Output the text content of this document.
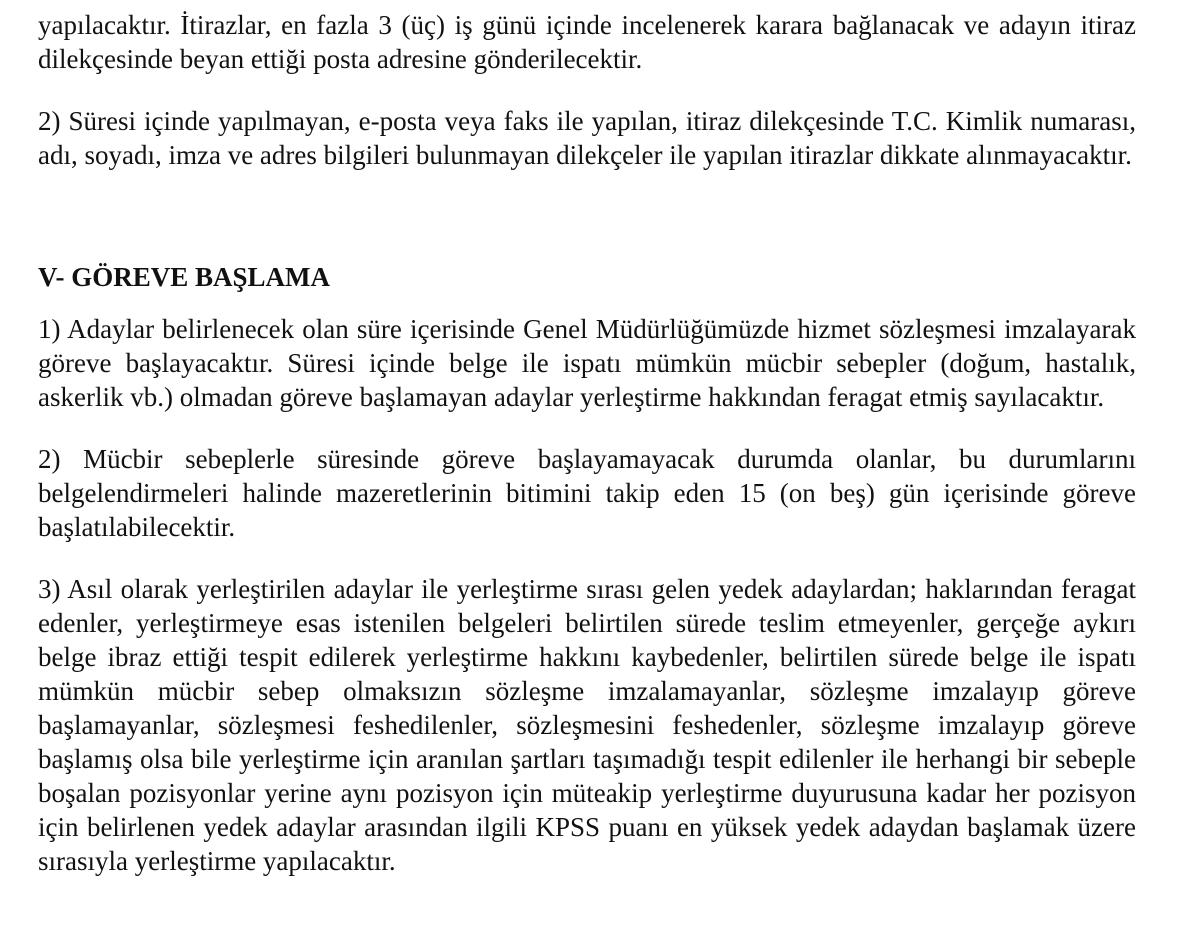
yapılacaktır. İtirazlar, en fazla 3 (üç) iş günü içinde incelenerek karara bağlanacak ve adayın itiraz dilekçesinde beyan ettiği posta adresine gönderilecektir.

2) Süresi içinde yapılmayan, e-posta veya faks ile yapılan, itiraz dilekçesinde T.C. Kimlik numarası, adı, soyadı, imza ve adres bilgileri bulunmayan dilekçeler ile yapılan itirazlar dikkate alınmayacaktır.

V- GÖREVE BAŞLAMA

1) Adaylar belirlenecek olan süre içerisinde Genel Müdürlüğümüzde hizmet sözleşmesi imzalayarak göreve başlayacaktır. Süresi içinde belge ile ispatı mümkün mücbir sebepler (doğum, hastalık, askerlik vb.) olmadan göreve başlamayan adaylar yerleştirme hakkından feragat etmiş sayılacaktır.

2) Mücbir sebeplerle süresinde göreve başlayamayacak durumda olanlar, bu durumlarını belgelendirmeleri halinde mazeretlerinin bitimini takip eden 15 (on beş) gün içerisinde göreve başlatılabilecektir.

3) Asıl olarak yerleştirilen adaylar ile yerleştirme sırası gelen yedek adaylardan; haklarından feragat edenler, yerleştirmeye esas istenilen belgeleri belirtilen sürede teslim etmeyenler, gerçeğe aykırı belge ibraz ettiği tespit edilerek yerleştirme hakkını kaybedenler, belirtilen sürede belge ile ispatı mümkün mücbir sebep olmaksızın sözleşme imzalamayanlar, sözleşme imzalayıp göreve başlamayanlar, sözleşmesi feshedilenler, sözleşmesini feshedenler, sözleşme imzalayıp göreve başlamış olsa bile yerleştirme için aranılan şartları taşımadığı tespit edilenler ile herhangi bir sebeple boşalan pozisyonlar yerine aynı pozisyon için müteakip yerleştirme duyurusuna kadar her pozisyon için belirlenen yedek adaylar arasından ilgili KPSS puanı en yüksek yedek adaydan başlamak üzere sırasıyla yerleştirme yapılacaktır.
